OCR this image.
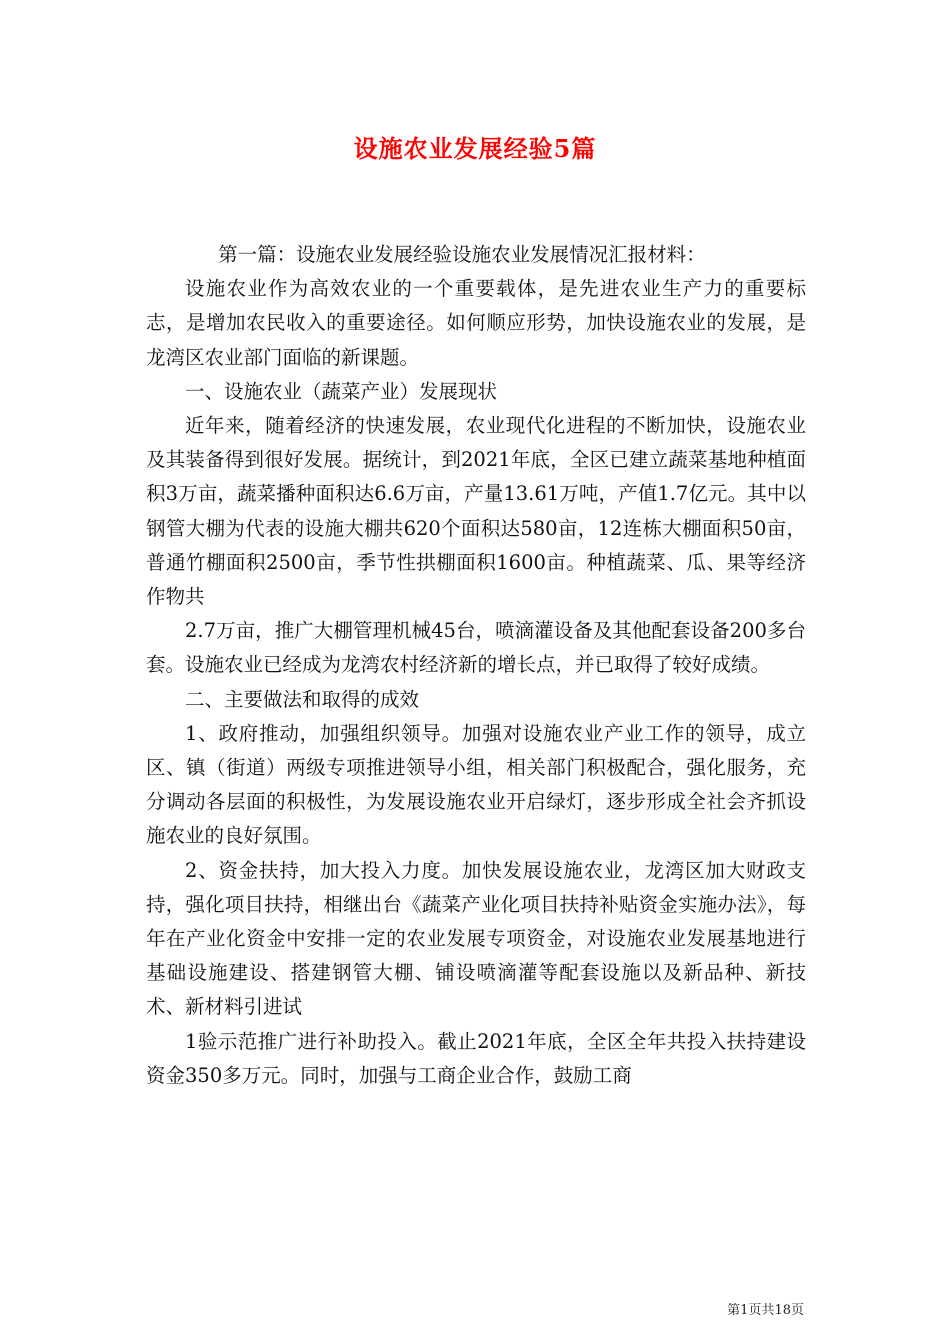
设施农业发展经验5篇

第一篇：设施农业发展经验设施农业发展情况汇报材料：

设施农业作为高效农业的一个重要载体，是先进农业生产力的重要标志，是增加农民收入的重要途径。如何顺应形势，加快设施农业的发展，是龙湾区农业部门面临的新课题。

一、设施农业（蔬菜产业）发展现状

近年来，随着经济的快速发展，农业现代化进程的不断加快，设施农业及其装备得到很好发展。据统计，到2021年底，全区已建立蔬菜基地种植面积3万亩，蔬菜播种面积达6.6万亩，产量13.61万吨，产值1.7亿元。其中以钢管大棚为代表的设施大棚共620个面积达580亩，12连栋大棚面积50亩，普通竹棚面积2500亩，季节性拱棚面积1600亩。种植蔬菜、瓜、果等经济作物共

2.7万亩，推广大棚管理机械45台，喷滴灌设备及其他配套设备200多台套。设施农业已经成为龙湾农村经济新的增长点，并已取得了较好成绩。

二、主要做法和取得的成效

1、政府推动，加强组织领导。加强对设施农业产业工作的领导，成立区、镇（街道）两级专项推进领导小组，相关部门积极配合，强化服务，充分调动各层面的积极性，为发展设施农业开启绿灯，逐步形成全社会齐抓设施农业的良好氛围。

2、资金扶持，加大投入力度。加快发展设施农业，龙湾区加大财政支持，强化项目扶持，相继出台《蔬菜产业化项目扶持补贴资金实施办法》，每年在产业化资金中安排一定的农业发展专项资金，对设施农业发展基地进行基础设施建设、搭建钢管大棚、铺设喷滴灌等配套设施以及新品种、新技术、新材料引进试

1验示范推广进行补助投入。截止2021年底，全区全年共投入扶持建设资金350多万元。同时，加强与工商企业合作，鼓励工商

第1页共18页
